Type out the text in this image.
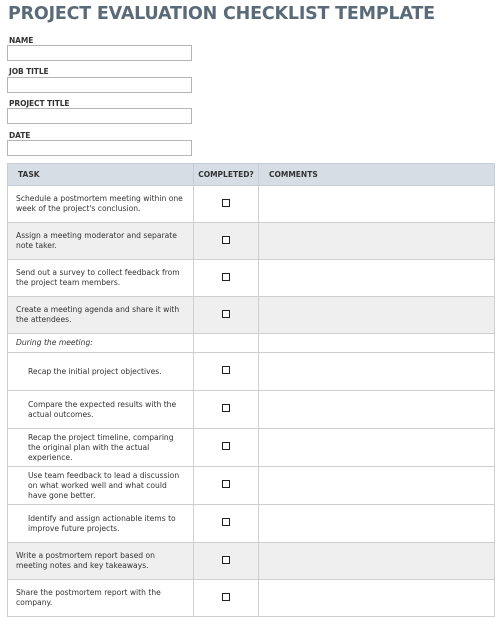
PROJECT EVALUATION CHECKLIST TEMPLATE
NAME
JOB TITLE
PROJECT TITLE
DATE
TASK	COMPLETED?	COMMENTS
Schedule a postmortem meeting within one week of the project's conclusion.		
Assign a meeting moderator and separate note taker.		
Send out a survey to collect feedback from the project team members.		
Create a meeting agenda and share it with the attendees.		
During the meeting:		
Recap the initial project objectives.		
Compare the expected results with the actual outcomes.		
Recap the project timeline, comparing the original plan with the actual experience.		
Use team feedback to lead a discussion on what worked well and what could have gone better.		
Identify and assign actionable items to improve future projects.		
Write a postmortem report based on meeting notes and key takeaways.		
Share the postmortem report with the company.		
